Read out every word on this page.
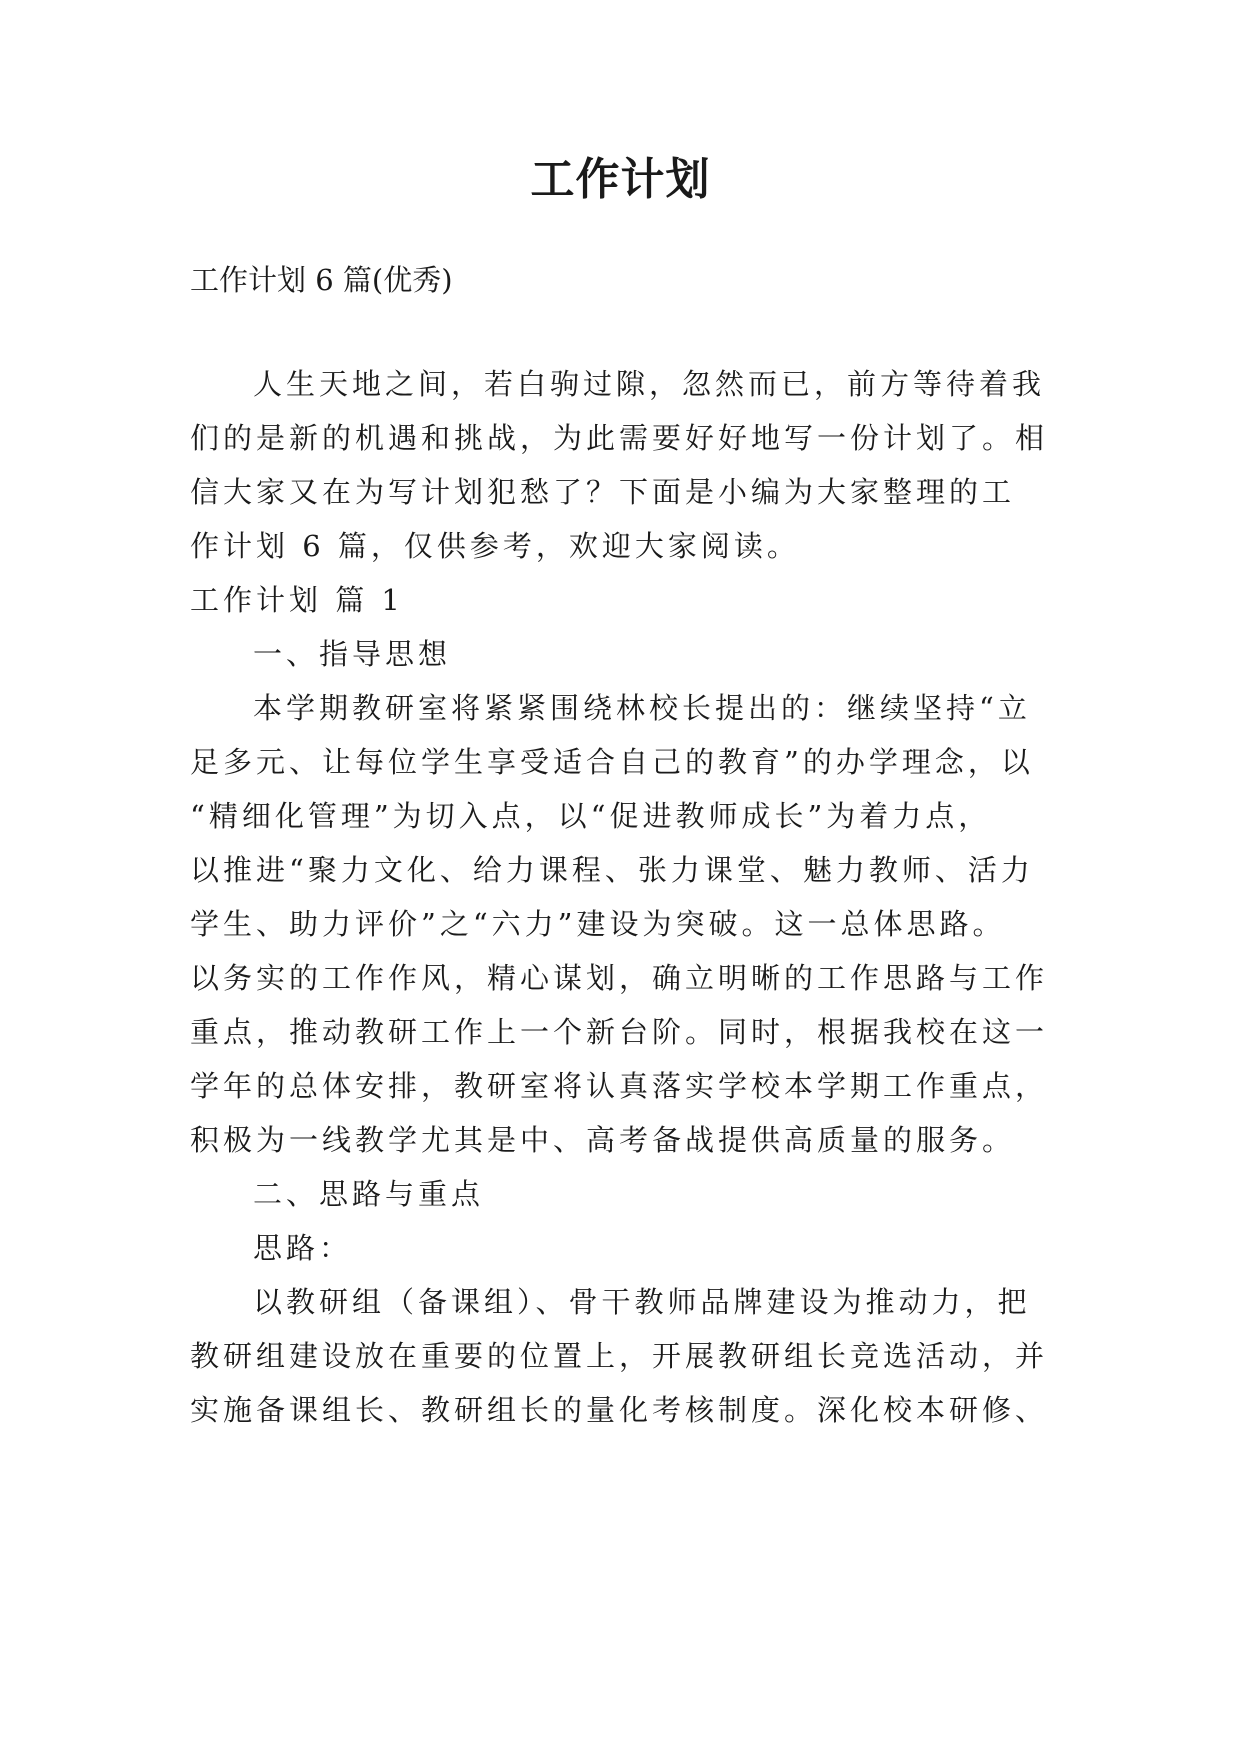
工作计划
工作计划 6 篇(优秀)
人生天地之间，若白驹过隙，忽然而已，前方等待着我
们的是新的机遇和挑战，为此需要好好地写一份计划了。相
信大家又在为写计划犯愁了？下面是小编为大家整理的工
作计划 6 篇，仅供参考，欢迎大家阅读。
工作计划 篇 1
一、指导思想
本学期教研室将紧紧围绕林校长提出的：继续坚持“立
足多元、让每位学生享受适合自己的教育”的办学理念，以
“精细化管理”为切入点，以“促进教师成长”为着力点，
以推进“聚力文化、给力课程、张力课堂、魅力教师、活力
学生、助力评价”之“六力”建设为突破。这一总体思路。
以务实的工作作风，精心谋划，确立明晰的工作思路与工作
重点，推动教研工作上一个新台阶。同时，根据我校在这一
学年的总体安排，教研室将认真落实学校本学期工作重点，
积极为一线教学尤其是中、高考备战提供高质量的服务。
二、思路与重点
思路：
以教研组（备课组）、骨干教师品牌建设为推动力，把
教研组建设放在重要的位置上，开展教研组长竞选活动，并
实施备课组长、教研组长的量化考核制度。深化校本研修、
